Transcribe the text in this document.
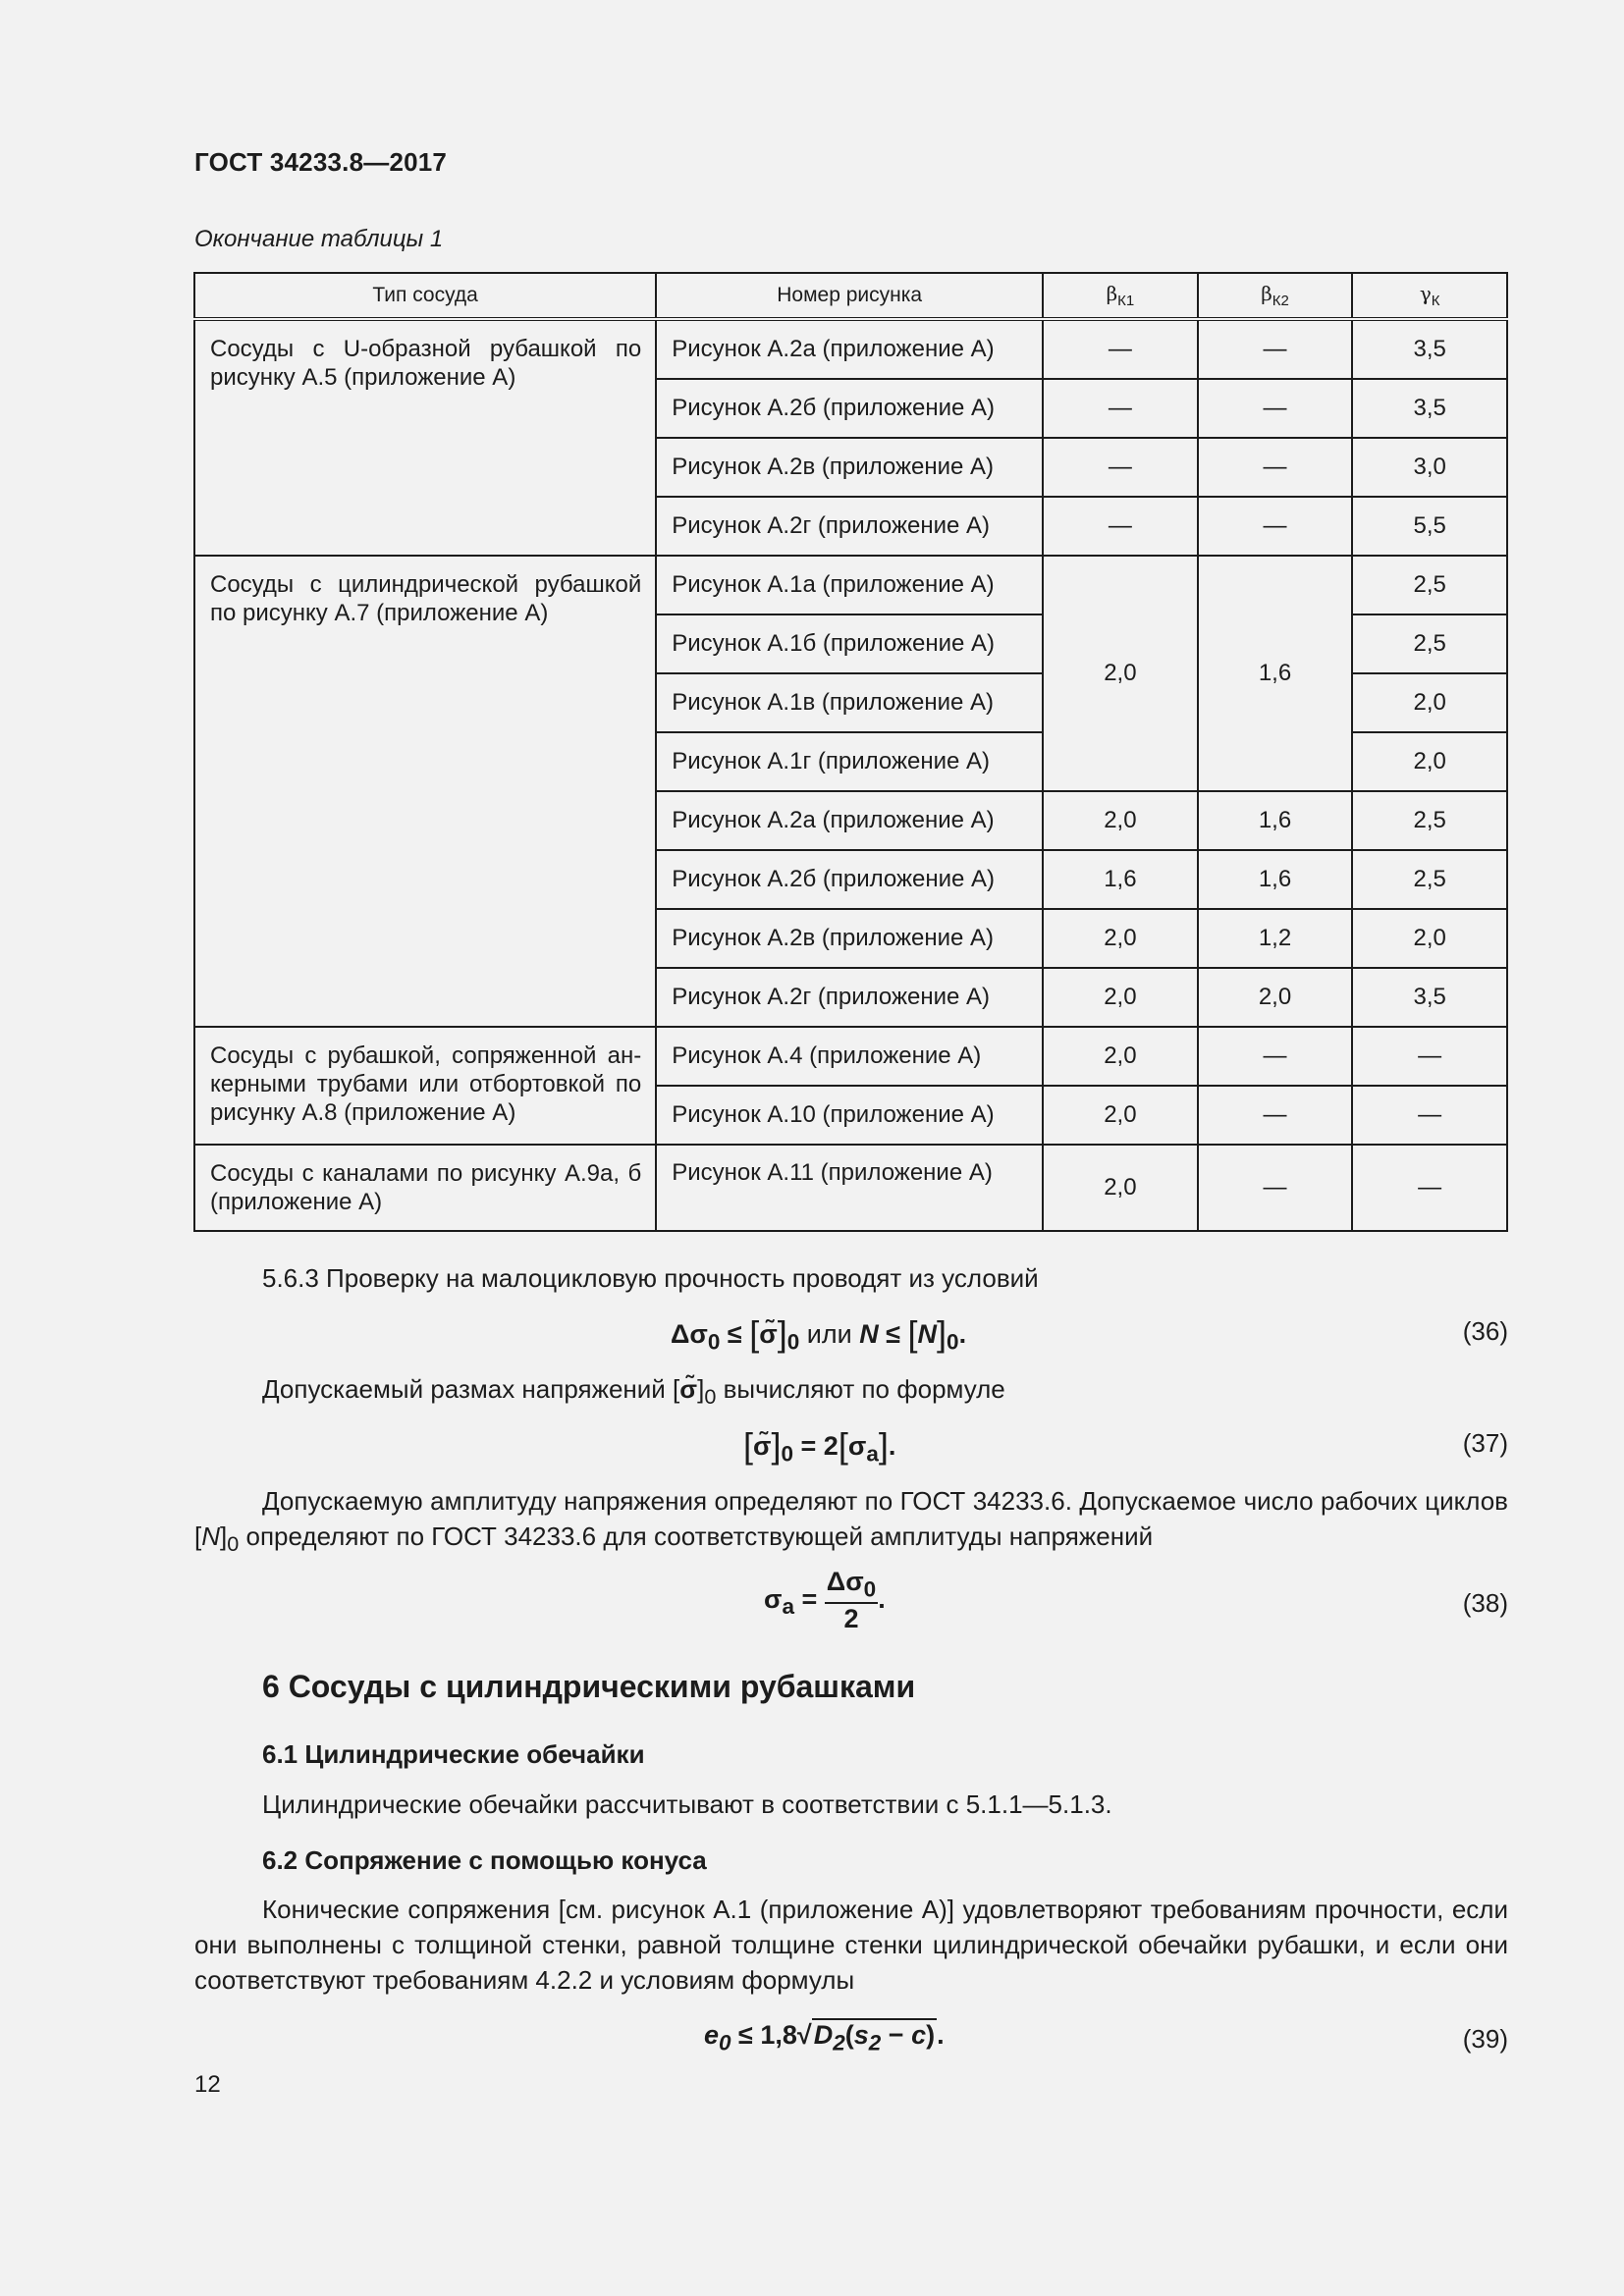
ГОСТ 34233.8—2017
Окончание таблицы 1
Тип сосуда	Номер рисунка	$\beta_{К1}$	$\beta_{К2}$	$\gamma_К$
Сосуды с U-образной рубашкой по рисунку А.5 (приложение А)	Рисунок А.2а (приложение А)	—	—	3,5
	Рисунок А.2б (приложение А)	—	—	3,5
	Рисунок А.2в (приложение А)	—	—	3,0
	Рисунок А.2г (приложение А)	—	—	5,5
Сосуды с цилиндрической рубашкой по рисунку А.7 (приложение А)	Рисунок А.1а (приложение А)	2,0	1,6	2,5
	Рисунок А.1б (приложение А)			2,5
	Рисунок А.1в (приложение А)			2,0
	Рисунок А.1г (приложение А)			2,0
	Рисунок А.2а (приложение А)	2,0	1,6	2,5
	Рисунок А.2б (приложение А)	1,6	1,6	2,5
	Рисунок А.2в (приложение А)	2,0	1,2	2,0
	Рисунок А.2г (приложение А)	2,0	2,0	3,5
Сосуды с рубашкой, сопряженной ан-керными трубами или отбортовкой по рисунку А.8 (приложение А)	Рисунок А.4 (приложение А)	2,0	—	—
	Рисунок А.10 (приложение А)	2,0	—	—
Сосуды с каналами по рисунку А.9а, б (приложение А)	Рисунок А.11 (приложение А)	2,0	—	—
5.6.3 Проверку на малоцикловую прочность проводят из условий
$\Delta\sigma_0$ ≤ $[\sigmã]_0$ или $N \le [N]_0$.	(36)
Допускаемый размах напряжений $[\sigmã]_0$ вычисляют по формуле
$[\sigmã]_0 = 2[\sigma_a]$.	(37)
Допускаемую амплитуду напряжения определяют по ГОСТ 34233.6. Допускаемое число рабочих циклов $[N]_0$ определяют по ГОСТ 34233.6 для соответствующей амплитуды напряжений
$\sigma_a = \frac{\Delta\sigma_0}{2}$ .	(38)
6 Сосуды с цилиндрическими рубашками
6.1 Цилиндрические обечайки
Цилиндрические обечайки рассчитывают в соответствии с 5.1.1—5.1.3.
6.2 Сопряжение с помощью конуса
Конические сопряжения [см. рисунок А.1 (приложение А)] удовлетворяют требованиям прочности, если они выполнены с толщиной стенки, равной толщине стенки цилиндрической обечайки рубашки, и если они соответствуют требованиям 4.2.2 и условиям формулы
$e_0 \le 1,8√D_2(s_2 - c)$.	(39)
12
